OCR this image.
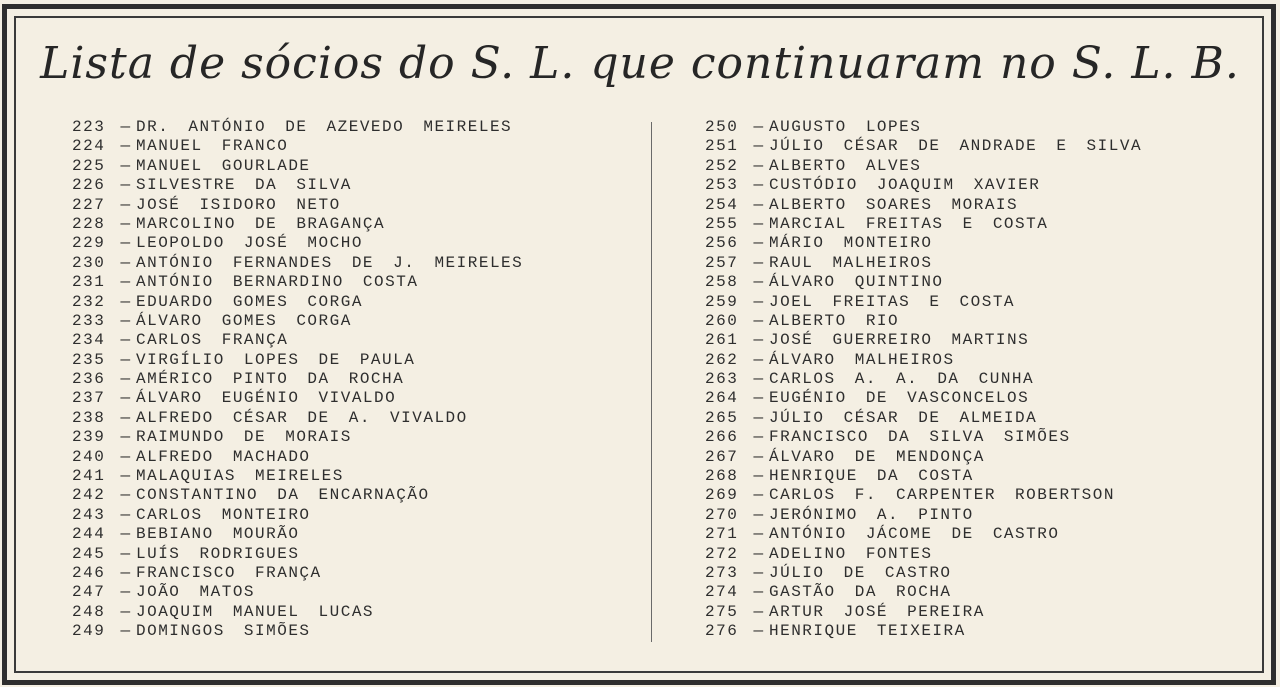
Lista de sócios do S. L. que continuaram no S. L. B.
223 — DR. ANTÓNIO DE AZEVEDO MEIRELES
224 — MANUEL FRANCO
225 — MANUEL GOURLADE
226 — SILVESTRE DA SILVA
227 — JOSÉ ISIDORO NETO
228 — MARCOLINO DE BRAGANÇA
229 — LEOPOLDO JOSÉ MOCHO
230 — ANTÓNIO FERNANDES DE J. MEIRELES
231 — ANTÓNIO BERNARDINO COSTA
232 — EDUARDO GOMES CORGA
233 — ÁLVARO GOMES CORGA
234 — CARLOS FRANÇA
235 — VIRGÍLIO LOPES DE PAULA
236 — AMÉRICO PINTO DA ROCHA
237 — ÁLVARO EUGÉNIO VIVALDO
238 — ALFREDO CÉSAR DE A. VIVALDO
239 — RAIMUNDO DE MORAIS
240 — ALFREDO MACHADO
241 — MALAQUIAS MEIRELES
242 — CONSTANTINO DA ENCARNAÇÃO
243 — CARLOS MONTEIRO
244 — BEBIANO MOURÃO
245 — LUÍS RODRIGUES
246 — FRANCISCO FRANÇA
247 — JOÃO MATOS
248 — JOAQUIM MANUEL LUCAS
249 — DOMINGOS SIMÕES
250 — AUGUSTO LOPES
251 — JÚLIO CÉSAR DE ANDRADE E SILVA
252 — ALBERTO ALVES
253 — CUSTÓDIO JOAQUIM XAVIER
254 — ALBERTO SOARES MORAIS
255 — MARCIAL FREITAS E COSTA
256 — MÁRIO MONTEIRO
257 — RAUL MALHEIROS
258 — ÁLVARO QUINTINO
259 — JOEL FREITAS E COSTA
260 — ALBERTO RIO
261 — JOSÉ GUERREIRO MARTINS
262 — ÁLVARO MALHEIROS
263 — CARLOS A. A. DA CUNHA
264 — EUGÉNIO DE VASCONCELOS
265 — JÚLIO CÉSAR DE ALMEIDA
266 — FRANCISCO DA SILVA SIMÕES
267 — ÁLVARO DE MENDONÇA
268 — HENRIQUE DA COSTA
269 — CARLOS F. CARPENTER ROBERTSON
270 — JERÓNIMO A. PINTO
271 — ANTÓNIO JÁCOME DE CASTRO
272 — ADELINO FONTES
273 — JÚLIO DE CASTRO
274 — GASTÃO DA ROCHA
275 — ARTUR JOSÉ PEREIRA
276 — HENRIQUE TEIXEIRA
